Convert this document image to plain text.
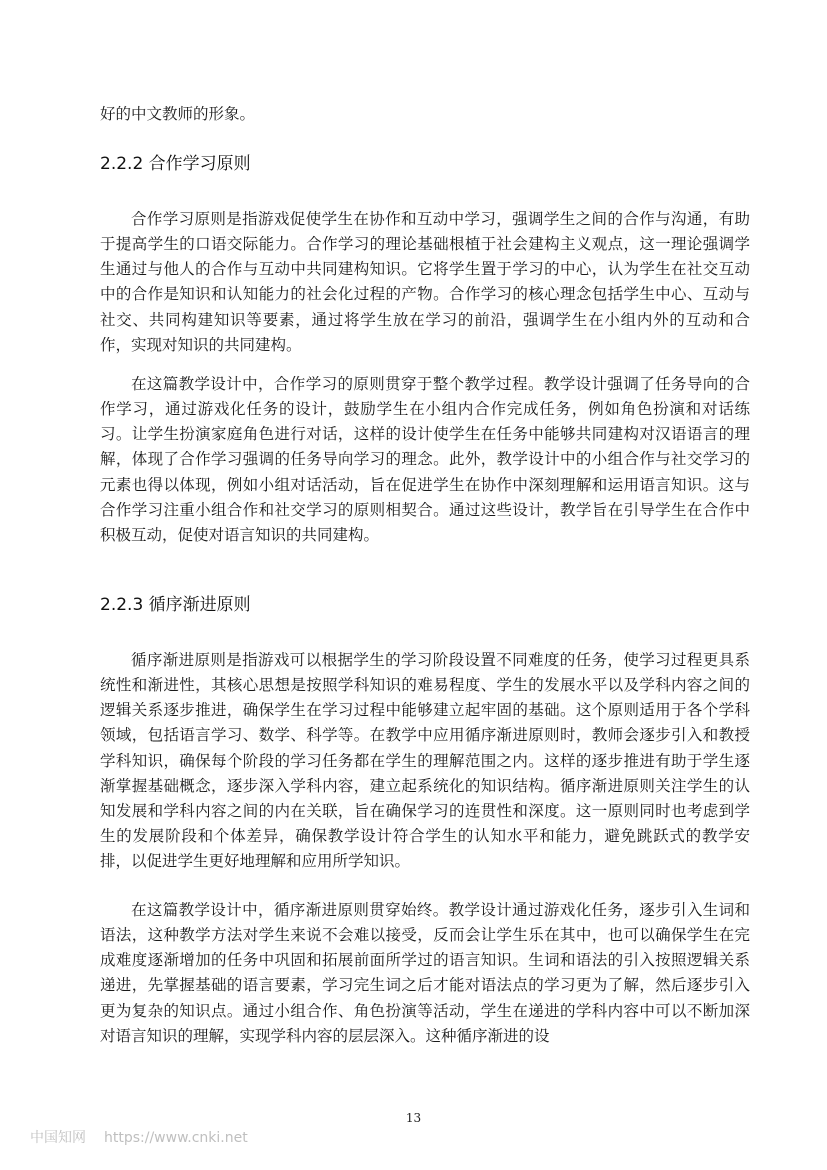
好的中文教师的形象。
2.2.2 合作学习原则

合作学习原则是指游戏促使学生在协作和互动中学习，强调学生之间的合作与沟通，有助于提高学生的口语交际能力。合作学习的理论基础根植于社会建构主义观点，这一理论强调学生通过与他人的合作与互动中共同建构知识。它将学生置于学习的中心，认为学生在社交互动中的合作是知识和认知能力的社会化过程的产物。合作学习的核心理念包括学生中心、互动与社交、共同构建知识等要素，通过将学生放在学习的前沿，强调学生在小组内外的互动和合作，实现对知识的共同建构。

在这篇教学设计中，合作学习的原则贯穿于整个教学过程。教学设计强调了任务导向的合作学习，通过游戏化任务的设计，鼓励学生在小组内合作完成任务，例如角色扮演和对话练习。让学生扮演家庭角色进行对话，这样的设计使学生在任务中能够共同建构对汉语语言的理解，体现了合作学习强调的任务导向学习的理念。此外，教学设计中的小组合作与社交学习的元素也得以体现，例如小组对话活动，旨在促进学生在协作中深刻理解和运用语言知识。这与合作学习注重小组合作和社交学习的原则相契合。通过这些设计，教学旨在引导学生在合作中积极互动，促使对语言知识的共同建构。

2.2.3 循序渐进原则

循序渐进原则是指游戏可以根据学生的学习阶段设置不同难度的任务，使学习过程更具系统性和渐进性，其核心思想是按照学科知识的难易程度、学生的发展水平以及学科内容之间的逻辑关系逐步推进，确保学生在学习过程中能够建立起牢固的基础。这个原则适用于各个学科领域，包括语言学习、数学、科学等。在教学中应用循序渐进原则时，教师会逐步引入和教授学科知识，确保每个阶段的学习任务都在学生的理解范围之内。这样的逐步推进有助于学生逐渐掌握基础概念，逐步深入学科内容，建立起系统化的知识结构。循序渐进原则关注学生的认知发展和学科内容之间的内在关联，旨在确保学习的连贯性和深度。这一原则同时也考虑到学生的发展阶段和个体差异，确保教学设计符合学生的认知水平和能力，避免跳跃式的教学安排，以促进学生更好地理解和应用所学知识。

在这篇教学设计中，循序渐进原则贯穿始终。教学设计通过游戏化任务，逐步引入生词和语法，这种教学方法对学生来说不会难以接受，反而会让学生乐在其中，也可以确保学生在完成难度逐渐增加的任务中巩固和拓展前面所学过的语言知识。生词和语法的引入按照逻辑关系递进，先掌握基础的语言要素，学习完生词之后才能对语法点的学习更为了解，然后逐步引入更为复杂的知识点。通过小组合作、角色扮演等活动，学生在递进的学科内容中可以不断加深对语言知识的理解，实现学科内容的层层深入。这种循序渐进的设

13
中国知网 https://www.cnki.net
